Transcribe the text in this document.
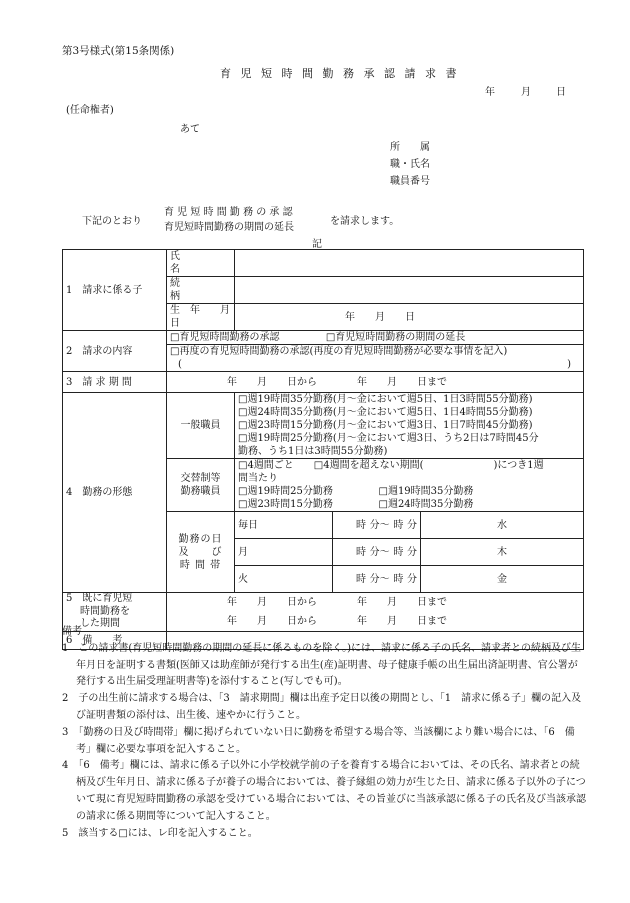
第3号様式(第15条関係)
育 児 短 時 間 勤 務 承 認 請 求 書
年	月	日
(任命権者)
あて
所　　属
職・氏名
職員番号
下記のとおり
育 児 短 時 間 勤 務 の 承 認
育児短時間勤務の期間の延長
を請求します。
記
1　請求に係る子	氏　　　　　名					
	続　　　　　柄					
	生　年　　月　　日	年　　月　　日				
2　請求の内容	□育児短時間勤務の承認 □育児短時間勤務の期間の延長					
	□再度の育児短時間勤務の承認(再度の育児短時間勤務が必要な事情を記入)					
	( )					

3　請 求 期 間	年　　月　　日から　　　　年　　月　　日まで					
4　勤務の形態	一般職員	□週19時間35分勤務(月～金において週5日、1日3時間55分勤務)				
		□週24時間35分勤務(月～金において週5日、1日4時間55分勤務)				
		□週23時間15分勤務(月～金において週3日、1日7時間45分勤務)				
		□週19時間25分勤務(月～金において週3日、うち2日は7時間45分				
		勤務、うち1日は3時間55分勤務)				
	交替制等
勤務職員	□4週間ごと　　□4週間を超えない期間(　　　　　　　)につき1週				
		間当たり				
		□週19時間25分勤務		□週19時間35分勤務		
		□週23時間15分勤務		□週24時間35分勤務		
	勤務の日
及　　び
時 間 帯	毎日	時 分～ 時 分		水	

		月	時 分～ 時 分		木	

		火	時 分～ 時 分		金	

5　既に育児短
時間勤務を
した期間	年　　月　　日から　　　　年　　月　　日まで					
	年　　月　　日から　　　　年　　月　　日まで					
6　備　　考						
備考

1　この請求書(育児短時間勤務の期間の延長に係るものを除く。)には、請求に係る子の氏名、請求者との続柄及び生年月日を証明する書類(医師又は助産師が発行する出生(産)証明書、母子健康手帳の出生届出済証明書、官公署が発行する出生届受理証明書等)を添付すること(写しでも可)。

2　子の出生前に請求する場合は、「3　請求期間」欄は出産予定日以後の期間とし、「1　請求に係る子」欄の記入及び証明書類の添付は、出生後、速やかに行うこと。

3　「勤務の日及び時間帯」欄に掲げられていない日に勤務を希望する場合等、当該欄により難い場合には、「6　備考」欄に必要な事項を記入すること。

4　「6　備考」欄には、請求に係る子以外に小学校就学前の子を養育する場合においては、その氏名、請求者との続柄及び生年月日、請求に係る子が養子の場合においては、養子縁組の効力が生じた日、請求に係る子以外の子について現に育児短時間勤務の承認を受けている場合においては、その旨並びに当該承認に係る子の氏名及び当該承認の請求に係る期間等について記入すること。

5　該当する□には、レ印を記入すること。
